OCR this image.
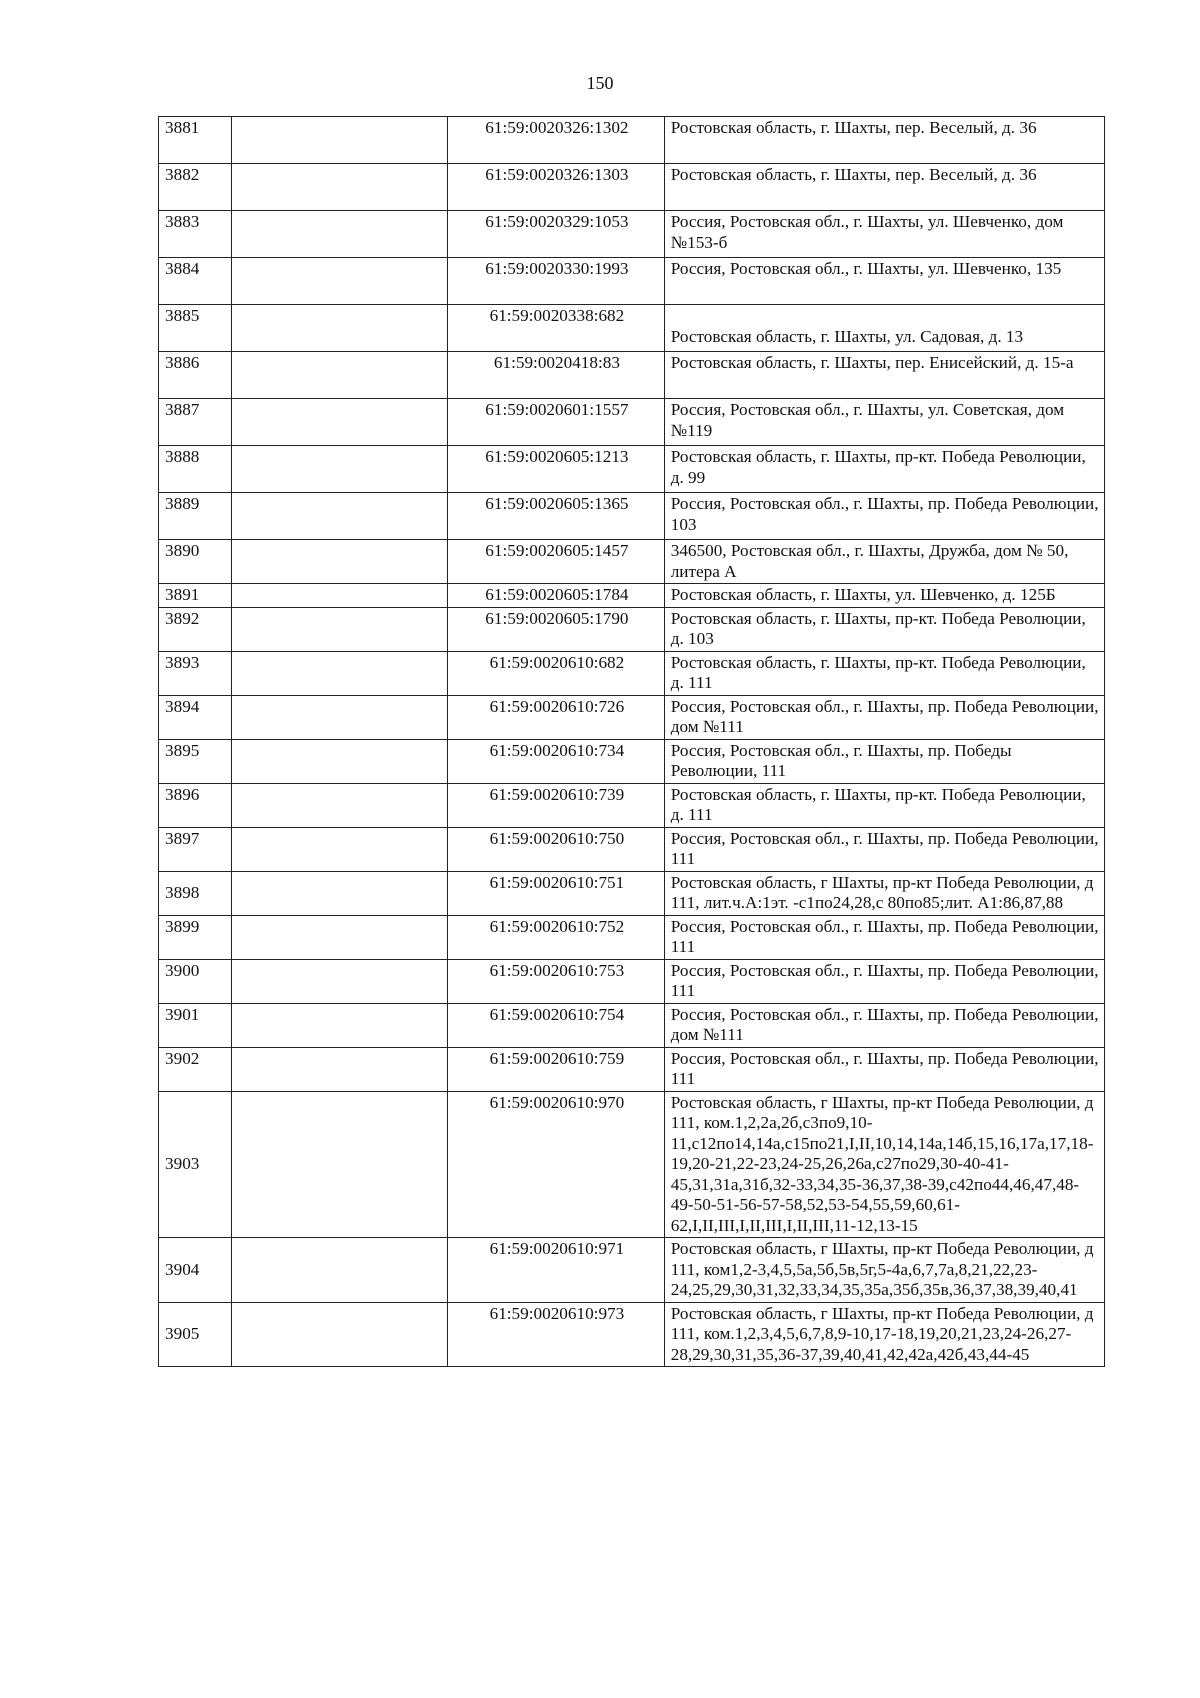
150
3881		61:59:0020326:1302	Ростовская область, г. Шахты, пер. Веселый, д. 36
3882		61:59:0020326:1303	Ростовская область, г. Шахты, пер. Веселый, д. 36
3883		61:59:0020329:1053	Россия, Ростовская обл., г. Шахты, ул. Шевченко, дом №153-б
3884		61:59:0020330:1993	Россия, Ростовская обл., г. Шахты, ул. Шевченко, 135
3885		61:59:0020338:682	Ростовская область, г. Шахты, ул. Садовая, д. 13
3886		61:59:0020418:83	Ростовская область, г. Шахты, пер. Енисейский, д. 15-а
3887		61:59:0020601:1557	Россия, Ростовская обл., г. Шахты, ул. Советская, дом №119
3888		61:59:0020605:1213	Ростовская область, г. Шахты, пр-кт. Победа Революции, д. 99
3889		61:59:0020605:1365	Россия, Ростовская обл., г. Шахты, пр. Победа Революции, 103
3890		61:59:0020605:1457	346500, Ростовская обл., г. Шахты, Дружба, дом № 50, литера А
3891		61:59:0020605:1784	Ростовская область, г. Шахты, ул. Шевченко, д. 125Б
3892		61:59:0020605:1790	Ростовская область, г. Шахты, пр-кт. Победа Революции, д. 103
3893		61:59:0020610:682	Ростовская область, г. Шахты, пр-кт. Победа Революции, д. 111
3894		61:59:0020610:726	Россия, Ростовская обл., г. Шахты, пр. Победа Революции, дом №111
3895		61:59:0020610:734	Россия, Ростовская обл., г. Шахты, пр. Победы Революции, 111
3896		61:59:0020610:739	Ростовская область, г. Шахты, пр-кт. Победа Революции, д. 111
3897		61:59:0020610:750	Россия, Ростовская обл., г. Шахты, пр. Победа Революции, 111
3898		61:59:0020610:751	Ростовская область, г Шахты, пр-кт Победа Революции, д 111, лит.ч.А:1эт. -с1по24,28,с 80по85;лит. А1:86,87,88
3899		61:59:0020610:752	Россия, Ростовская обл., г. Шахты, пр. Победа Революции, 111
3900		61:59:0020610:753	Россия, Ростовская обл., г. Шахты, пр. Победа Революции, 111
3901		61:59:0020610:754	Россия, Ростовская обл., г. Шахты, пр. Победа Революции, дом №111
3902		61:59:0020610:759	Россия, Ростовская обл., г. Шахты, пр. Победа Революции, 111
3903		61:59:0020610:970	Ростовская область, г Шахты, пр-кт Победа Революции, д 111, ком.1,2,2а,2б,с3по9,10-11,с12по14,14а,с15по21,I,II,10,14,14а,14б,15,16,17а,17,18-19,20-21,22-23,24-25,26,26а,с27по29,30-40-41-45,31,31а,31б,32-33,34,35-36,37,38-39,с42по44,46,47,48-49-50-51-56-57-58,52,53-54,55,59,60,61-62,I,II,III,I,II,III,I,II,III,11-12,13-15
3904		61:59:0020610:971	Ростовская область, г Шахты, пр-кт Победа Революции, д 111, ком1,2-3,4,5,5а,5б,5в,5г,5-4а,6,7,7а,8,21,22,23-24,25,29,30,31,32,33,34,35,35а,35б,35в,36,37,38,39,40,41
3905		61:59:0020610:973	Ростовская область, г Шахты, пр-кт Победа Революции, д 111, ком.1,2,3,4,5,6,7,8,9-10,17-18,19,20,21,23,24-26,27-28,29,30,31,35,36-37,39,40,41,42,42а,42б,43,44-45
